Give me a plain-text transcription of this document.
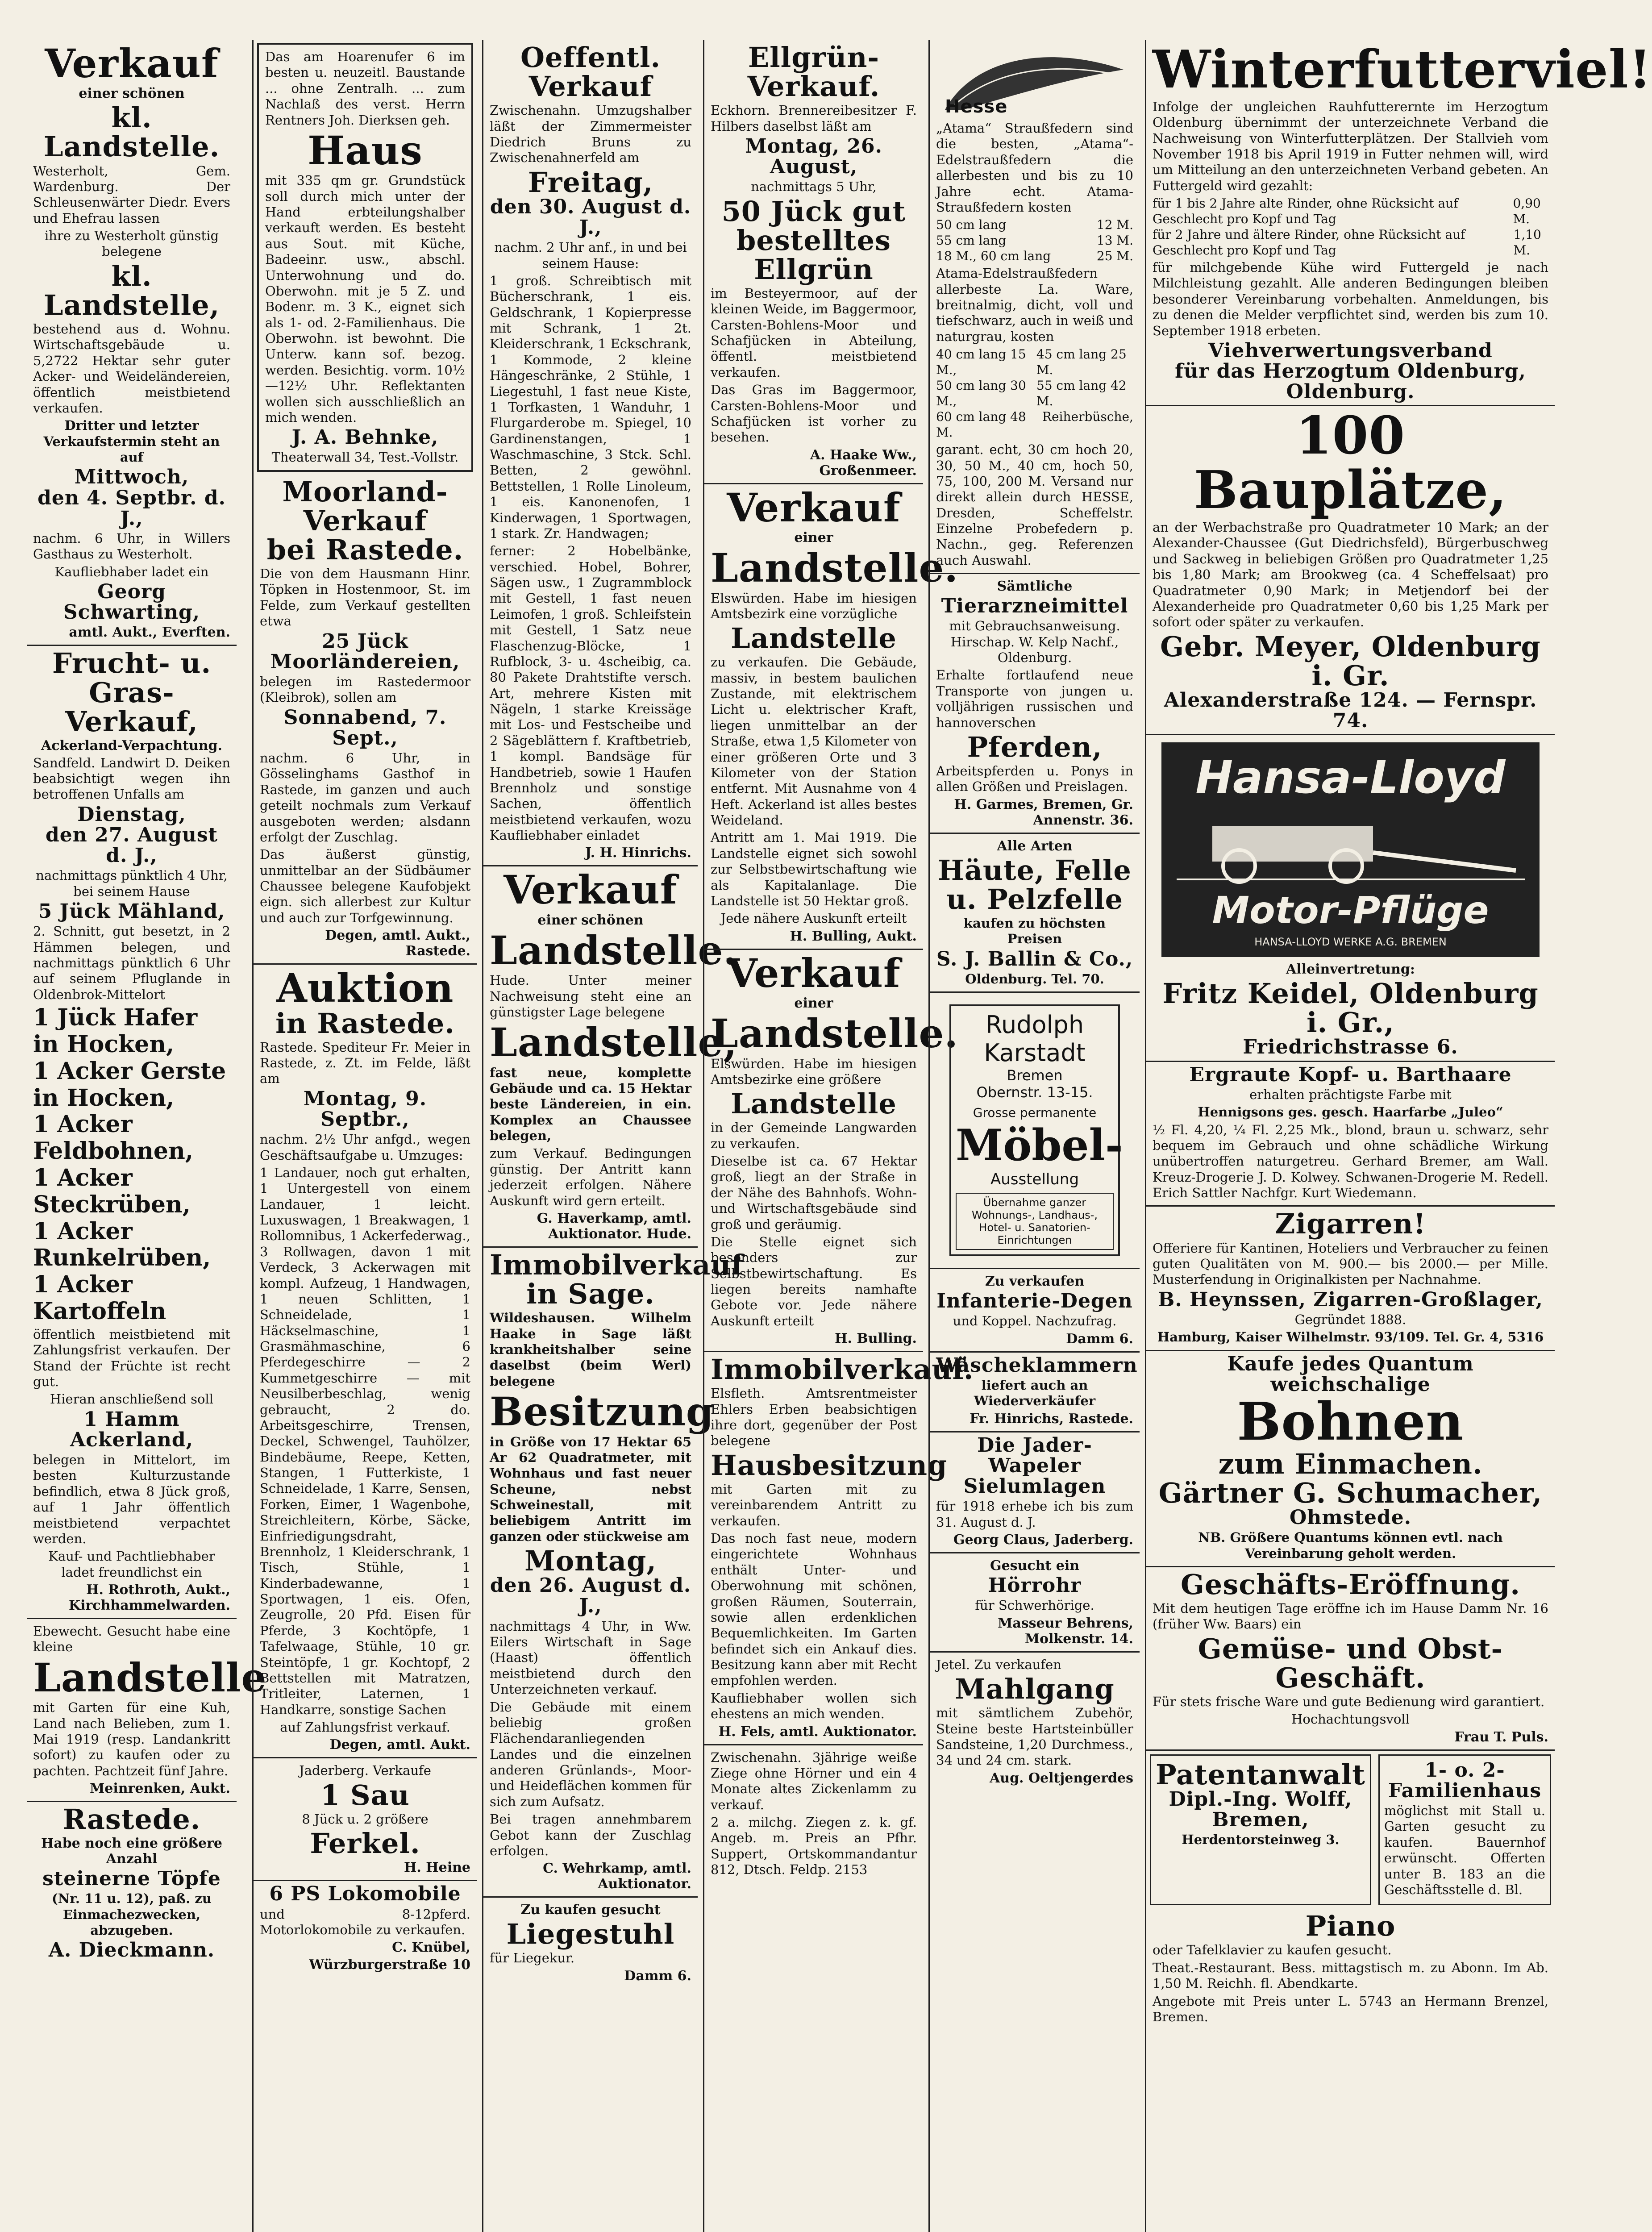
Verkauf
einer schönen
kl. Landstelle.
Westerholt, Gem. Wardenburg. Der Schleusenwärter Diedr. Evers und Ehefrau lassen
ihre zu Westerholt günstig belegene
kl. Landstelle,
bestehend aus d. Wohnu. Wirtschaftsgebäude u. 5,2722 Hektar sehr guter Acker- und Weideländereien, öffentlich meistbietend verkaufen.
Dritter und letzter Verkaufstermin steht an auf
Mittwoch,
den 4. Septbr. d. J.,
nachm. 6 Uhr, in Willers Gasthaus zu Westerholt.
Kaufliebhaber ladet ein
Georg Schwarting,
amtl. Aukt., Everften.
Frucht- u. Gras-Verkauf,
Ackerland-Verpachtung.
Sandfeld. Landwirt D. Deiken beabsichtigt wegen ihn betroffenen Unfalls am
Dienstag,
den 27. August d. J.,
nachmittags pünktlich 4 Uhr, bei seinem Hause
5 Jück Mähland,
2. Schnitt, gut besetzt, in 2 Hämmen belegen, und nachmittags pünktlich 6 Uhr auf seinem Pfluglande in Oldenbrok-Mittelort
1 Jück Hafer in Hocken,
1 Acker Gerste in Hocken,
1 Acker Feldbohnen,
1 Acker Steckrüben,
1 Acker Runkelrüben,
1 Acker Kartoffeln
öffentlich meistbietend mit Zahlungsfrist verkaufen. Der Stand der Früchte ist recht gut.
Hieran anschließend soll
1 Hamm Ackerland,
belegen in Mittelort, im besten Kulturzustande befindlich, etwa 8 Jück groß, auf 1 Jahr öffentlich meistbietend verpachtet werden.
Kauf- und Pachtliebhaber ladet freundlichst ein
H. Rothroth, Aukt., Kirchhammelwarden.
Ebewecht. Gesucht habe eine kleine
Landstelle
mit Garten für eine Kuh, Land nach Belieben, zum 1. Mai 1919 (resp. Landankritt sofort) zu kaufen oder zu pachten. Pachtzeit fünf Jahre.
Meinrenken, Aukt.
Rastede.
Habe noch eine größere Anzahl
steinerne Töpfe
(Nr. 11 u. 12), paß. zu Einmachezwecken, abzugeben.
A. Dieckmann.
Das am Hoarenufer 6 im besten u. neuzeitl. Baustande ... ohne Zentralh. ... zum Nachlaß des verst. Herrn Rentners Joh. Dierksen geh.
Haus
mit 335 qm gr. Grundstück soll durch mich unter der Hand erbteilungshalber verkauft werden. Es besteht aus Sout. mit Küche, Badeeinr. usw., abschl. Unterwohnung und do. Oberwohn. mit je 5 Z. und Bodenr. m. 3 K., eignet sich als 1- od. 2-Familienhaus. Die Oberwohn. ist bewohnt. Die Unterw. kann sof. bezog. werden. Besichtig. vorm. 10½—12½ Uhr. Reflektanten wollen sich ausschließlich an mich wenden.
J. A. Behnke,
Theaterwall 34, Test.-Vollstr.
Moorland-Verkauf
bei Rastede.
Die von dem Hausmann Hinr. Töpken in Hostenmoor, St. im Felde, zum Verkauf gestellten etwa
25 Jück
Moorländereien,
belegen im Rastedermoor (Kleibrok), sollen am
Sonnabend, 7. Sept.,
nachm. 6 Uhr, in Gösselinghams Gasthof in Rastede, im ganzen und auch geteilt nochmals zum Verkauf ausgeboten werden; alsdann erfolgt der Zuschlag.
Das äußerst günstig, unmittelbar an der Südbäumer Chaussee belegene Kaufobjekt eign. sich allerbest zur Kultur und auch zur Torfgewinnung.
Degen, amtl. Aukt., Rastede.
Auktion
in Rastede.
Rastede. Spediteur Fr. Meier in Rastede, z. Zt. im Felde, läßt am
Montag, 9. Septbr.,
nachm. 2½ Uhr anfgd., wegen Geschäftsaufgabe u. Umzuges:
1 Landauer, noch gut erhalten, 1 Untergestell von einem Landauer, 1 leicht. Luxuswagen, 1 Breakwagen, 1 Rollomnibus, 1 Ackerfederwag., 3 Rollwagen, davon 1 mit Verdeck, 3 Ackerwagen mit kompl. Aufzeug, 1 Handwagen, 1 neuen Schlitten, 1 Schneidelade, 1 Häckselmaschine, 1 Grasmähmaschine, 6 Pferdegeschirre — 2 Kummetgeschirre — mit Neusilberbeschlag, wenig gebraucht, 2 do. Arbeitsgeschirre, Trensen, Deckel, Schwengel, Tauhölzer, Bindebäume, Reepe, Ketten, Stangen, 1 Futterkiste, 1 Schneidelade, 1 Karre, Sensen, Forken, Eimer, 1 Wagenbohe, Streichleitern, Körbe, Säcke, Einfriedigungsdraht, Brennholz, 1 Kleiderschrank, 1 Tisch, Stühle, 1 Kinderbadewanne, 1 Sportwagen, 1 eis. Ofen, Zeugrolle, 20 Pfd. Eisen für Pferde, 3 Kochtöpfe, 1 Tafelwaage, Stühle, 10 gr. Steintöpfe, 1 gr. Kochtopf, 2 Bettstellen mit Matratzen, Tritleiter, Laternen, 1 Handkarre, sonstige Sachen
auf Zahlungsfrist verkauf.
Degen, amtl. Aukt.
Jaderberg. Verkaufe
1 Sau
8 Jück u. 2 größere
Ferkel.
H. Heine
6 PS Lokomobile
und 8-12pferd. Motorlokomobile zu verkaufen.
C. Knübel,
Würzburgerstraße 10
Oeffentl. Verkauf
Zwischenahn. Umzugshalber läßt der Zimmermeister Diedrich Bruns zu Zwischenahnerfeld am
Freitag,
den 30. August d. J.,
nachm. 2 Uhr anf., in und bei seinem Hause:
1 groß. Schreibtisch mit Bücherschrank, 1 eis. Geldschrank, 1 Kopierpresse mit Schrank, 1 2t. Kleiderschrank, 1 Eckschrank, 1 Kommode, 2 kleine Hängeschränke, 2 Stühle, 1 Liegestuhl, 1 fast neue Kiste, 1 Torfkasten, 1 Wanduhr, 1 Flurgarderobe m. Spiegel, 10 Gardinenstangen, 1 Waschmaschine, 3 Stck. Schl. Betten, 2 gewöhnl. Bettstellen, 1 Rolle Linoleum, 1 eis. Kanonenofen, 1 Kinderwagen, 1 Sportwagen, 1 stark. Zr. Handwagen;
ferner: 2 Hobelbänke, verschied. Hobel, Bohrer, Sägen usw., 1 Zugrammblock mit Gestell, 1 fast neuen Leimofen, 1 groß. Schleifstein mit Gestell, 1 Satz neue Flaschenzug-Blöcke, 1 Rufblock, 3- u. 4scheibig, ca. 80 Pakete Drahtstifte versch. Art, mehrere Kisten mit Nägeln, 1 starke Kreissäge mit Los- und Festscheibe und 2 Sägeblättern f. Kraftbetrieb, 1 kompl. Bandsäge für Handbetrieb, sowie 1 Haufen Brennholz und sonstige Sachen, öffentlich meistbietend verkaufen, wozu Kaufliebhaber einladet
J. H. Hinrichs.
Verkauf
einer schönen
Landstelle.
Hude. Unter meiner Nachweisung steht eine an günstigster Lage belegene
Landstelle,
fast neue, komplette Gebäude und ca. 15 Hektar beste Ländereien, in ein. Komplex an Chaussee belegen,
zum Verkauf. Bedingungen günstig. Der Antritt kann jederzeit erfolgen. Nähere Auskunft wird gern erteilt.
G. Haverkamp, amtl. Auktionator. Hude.
Immobilverkauf
in Sage.
Wildeshausen. Wilhelm Haake in Sage läßt krankheitshalber seine daselbst (beim Werl) belegene
Besitzung
in Größe von 17 Hektar 65 Ar 62 Quadratmeter, mit Wohnhaus und fast neuer Scheune, nebst Schweinestall, mit beliebigem Antritt im ganzen oder stückweise am
Montag,
den 26. August d. J.,
nachmittags 4 Uhr, in Ww. Eilers Wirtschaft in Sage (Haast) öffentlich meistbietend durch den Unterzeichneten verkauf.
Die Gebäude mit einem beliebig großen Flächendaranliegenden Landes und die einzelnen anderen Grünlands-, Moor- und Heideflächen kommen für sich zum Aufsatz.
Bei tragen annehmbarem Gebot kann der Zuschlag erfolgen.
C. Wehrkamp, amtl. Auktionator.
Zu kaufen gesucht
Liegestuhl
für Liegekur.
Damm 6.
Ellgrün-Verkauf.
Eckhorn. Brennereibesitzer F. Hilbers daselbst läßt am
Montag, 26. August,
nachmittags 5 Uhr,
50 Jück gut bestelltes Ellgrün
im Besteyermoor, auf der kleinen Weide, im Baggermoor, Carsten-Bohlens-Moor und Schafjücken in Abteilung, öffentl. meistbietend verkaufen.
Das Gras im Baggermoor, Carsten-Bohlens-Moor und Schafjücken ist vorher zu besehen.
A. Haake Ww., Großenmeer.
Verkauf
einer
Landstelle.
Elswürden. Habe im hiesigen Amtsbezirk eine vorzügliche
Landstelle
zu verkaufen. Die Gebäude, massiv, in bestem baulichen Zustande, mit elektrischem Licht u. elektrischer Kraft, liegen unmittelbar an der Straße, etwa 1,5 Kilometer von einer größeren Orte und 3 Kilometer von der Station entfernt. Mit Ausnahme von 4 Heft. Ackerland ist alles bestes Weideland.
Antritt am 1. Mai 1919. Die Landstelle eignet sich sowohl zur Selbstbewirtschaftung wie als Kapitalanlage. Die Landstelle ist 50 Hektar groß.
Jede nähere Auskunft erteilt
H. Bulling, Aukt.
Verkauf
einer
Landstelle.
Elswürden. Habe im hiesigen Amtsbezirke eine größere
Landstelle
in der Gemeinde Langwarden zu verkaufen.
Dieselbe ist ca. 67 Hektar groß, liegt an der Straße in der Nähe des Bahnhofs. Wohn- und Wirtschaftsgebäude sind groß und geräumig.
Die Stelle eignet sich besonders zur Selbstbewirtschaftung. Es liegen bereits namhafte Gebote vor. Jede nähere Auskunft erteilt
H. Bulling.
Immobilverkauf.
Elsfleth. Amtsrentmeister Ehlers Erben beabsichtigen ihre dort, gegenüber der Post belegene
Hausbesitzung
mit Garten mit zu vereinbarendem Antritt zu verkaufen.
Das noch fast neue, modern eingerichtete Wohnhaus enthält Unter- und Oberwohnung mit schönen, großen Räumen, Souterrain, sowie allen erdenklichen Bequemlichkeiten. Im Garten befindet sich ein Ankauf dies. Besitzung kann aber mit Recht empfohlen werden.
Kaufliebhaber wollen sich ehestens an mich wenden.
H. Fels, amtl. Auktionator.
Zwischenahn. 3jährige weiße Ziege ohne Hörner und ein 4 Monate altes Zickenlamm zu verkauf.
2 a. milchg. Ziegen z. k. gf. Angeb. m. Preis an Pfhr. Suppert, Ortskommandantur 812, Dtsch. Feldp. 2153
Hesse
„Atama“ Straußfedern sind die besten, „Atama“-Edelstraußfedern die allerbesten und bis zu 10 Jahre echt. Atama-Straußfedern kosten
50 cm lang	12 M.
55 cm lang	13 M.
18 M., 60 cm lang	25 M.
Atama-Edelstraußfedern allerbeste La. Ware, breitnalmig, dicht, voll und tiefschwarz, auch in weiß und naturgrau, kosten
40 cm lang 15 M.,
45 cm lang 25 M.
50 cm lang 30 M.,
55 cm lang 42 M.
60 cm lang 48 M.
Reiherbüsche,
garant. echt, 30 cm hoch 20, 30, 50 M., 40 cm, hoch 50, 75, 100, 200 M. Versand nur direkt allein durch HESSE, Dresden, Scheffelstr. Einzelne Probefedern p. Nachn., geg. Referenzen auch Auswahl.
Sämtliche
Tierarzneimittel
mit Gebrauchsanweisung. Hirschap. W. Kelp Nachf., Oldenburg.
Erhalte fortlaufend neue Transporte von jungen u. volljährigen russischen und hannoverschen
Pferden,
Arbeitspferden u. Ponys in allen Größen und Preislagen.
H. Garmes, Bremen, Gr. Annenstr. 36.
Alle Arten
Häute, Felle
u. Pelzfelle
kaufen zu höchsten Preisen
S. J. Ballin & Co.,
Oldenburg. Tel. 70.
Rudolph
Karstadt
Bremen
Obernstr. 13-15.
Grosse permanente
Möbel-
Ausstellung
Übernahme ganzer Wohnungs-, Landhaus-, Hotel- u. Sanatorien-Einrichtungen
Zu verkaufen
Infanterie-Degen
und Koppel. Nachzufrag.
Damm 6.
Wäscheklammern
liefert auch an Wiederverkäufer
Fr. Hinrichs, Rastede.
Die Jader-Wapeler Sielumlagen
für 1918 erhebe ich bis zum 31. August d. J.
Georg Claus, Jaderberg.
Gesucht ein
Hörrohr
für Schwerhörige.
Masseur Behrens, Molkenstr. 14.
Jetel. Zu verkaufen
Mahlgang
mit sämtlichem Zubehör, Steine beste Hartsteinbüller Sandsteine, 1,20 Durchmess., 34 und 24 cm. stark.
Aug. Oeltjengerdes
Winterfutterviel!
Infolge der ungleichen Rauhfutterernte im Herzogtum Oldenburg übernimmt der unterzeichnete Verband die Nachweisung von Winterfutterplätzen. Der Stallvieh vom November 1918 bis April 1919 in Futter nehmen will, wird um Mitteilung an den unterzeichneten Verband gebeten. An Futtergeld wird gezahlt:
für 1 bis 2 Jahre alte Rinder, ohne Rücksicht auf Geschlecht pro Kopf und Tag
0,90 M.
für 2 Jahre und ältere Rinder, ohne Rücksicht auf Geschlecht pro Kopf und Tag
1,10 M.
für milchgebende Kühe wird Futtergeld je nach Milchleistung gezahlt. Alle anderen Bedingungen bleiben besonderer Vereinbarung vorbehalten. Anmeldungen, bis zu denen die Melder verpflichtet sind, werden bis zum 10. September 1918 erbeten.
Viehverwertungsverband
für das Herzogtum Oldenburg, Oldenburg.
100 Bauplätze,
an der Werbachstraße pro Quadratmeter 10 Mark; an der Alexander-Chaussee (Gut Diedrichsfeld), Bürgerbuschweg und Sackweg in beliebigen Größen pro Quadratmeter 1,25 bis 1,80 Mark; am Brookweg (ca. 4 Scheffelsaat) pro Quadratmeter 0,90 Mark; in Metjendorf bei der Alexanderheide pro Quadratmeter 0,60 bis 1,25 Mark per sofort oder später zu verkaufen.
Gebr. Meyer, Oldenburg i. Gr.
Alexanderstraße 124. — Fernspr. 74.
Hansa-Lloyd
Motor-Pflüge
HANSA-LLOYD WERKE A.G. BREMEN
Alleinvertretung:
Fritz Keidel, Oldenburg i. Gr.,
Friedrichstrasse 6.
Ergraute Kopf- u. Barthaare
erhalten prächtigste Farbe mit
Hennigsons ges. gesch. Haarfarbe „Juleo“
½ Fl. 4,20, ¼ Fl. 2,25 Mk., blond, braun u. schwarz, sehr bequem im Gebrauch und ohne schädliche Wirkung unübertroffen naturgetreu. Gerhard Bremer, am Wall. Kreuz-Drogerie J. D. Kolwey. Schwanen-Drogerie M. Redell. Erich Sattler Nachfgr. Kurt Wiedemann.
Zigarren!
Offeriere für Kantinen, Hoteliers und Verbraucher zu feinen guten Qualitäten von M. 900.— bis 2000.— per Mille. Musterfendung in Originalkisten per Nachnahme.
B. Heynssen, Zigarren-Großlager,
Gegründet 1888.
Hamburg, Kaiser Wilhelmstr. 93/109. Tel. Gr. 4, 5316
Kaufe jedes Quantum weichschalige
Bohnen
zum Einmachen.
Gärtner G. Schumacher,
Ohmstede.
NB. Größere Quantums können evtl. nach Vereinbarung geholt werden.
Geschäfts-Eröffnung.
Mit dem heutigen Tage eröffne ich im Hause Damm Nr. 16 (früher Ww. Baars) ein
Gemüse- und Obst-Geschäft.
Für stets frische Ware und gute Bedienung wird garantiert.
Hochachtungsvoll
Frau T. Puls.
Patentanwalt
Dipl.-Ing. Wolff,
Bremen,
Herdentorsteinweg 3.
1- o. 2-Familienhaus
möglichst mit Stall u. Garten gesucht zu kaufen. Bauernhof erwünscht. Offerten unter B. 183 an die Geschäftsstelle d. Bl.
Piano
oder Tafelklavier zu kaufen gesucht.
Theat.-Restaurant. Bess. mittagstisch m. zu Abonn. Im Ab. 1,50 M. Reichh. fl. Abendkarte.
Angebote mit Preis unter L. 5743 an Hermann Brenzel, Bremen.
